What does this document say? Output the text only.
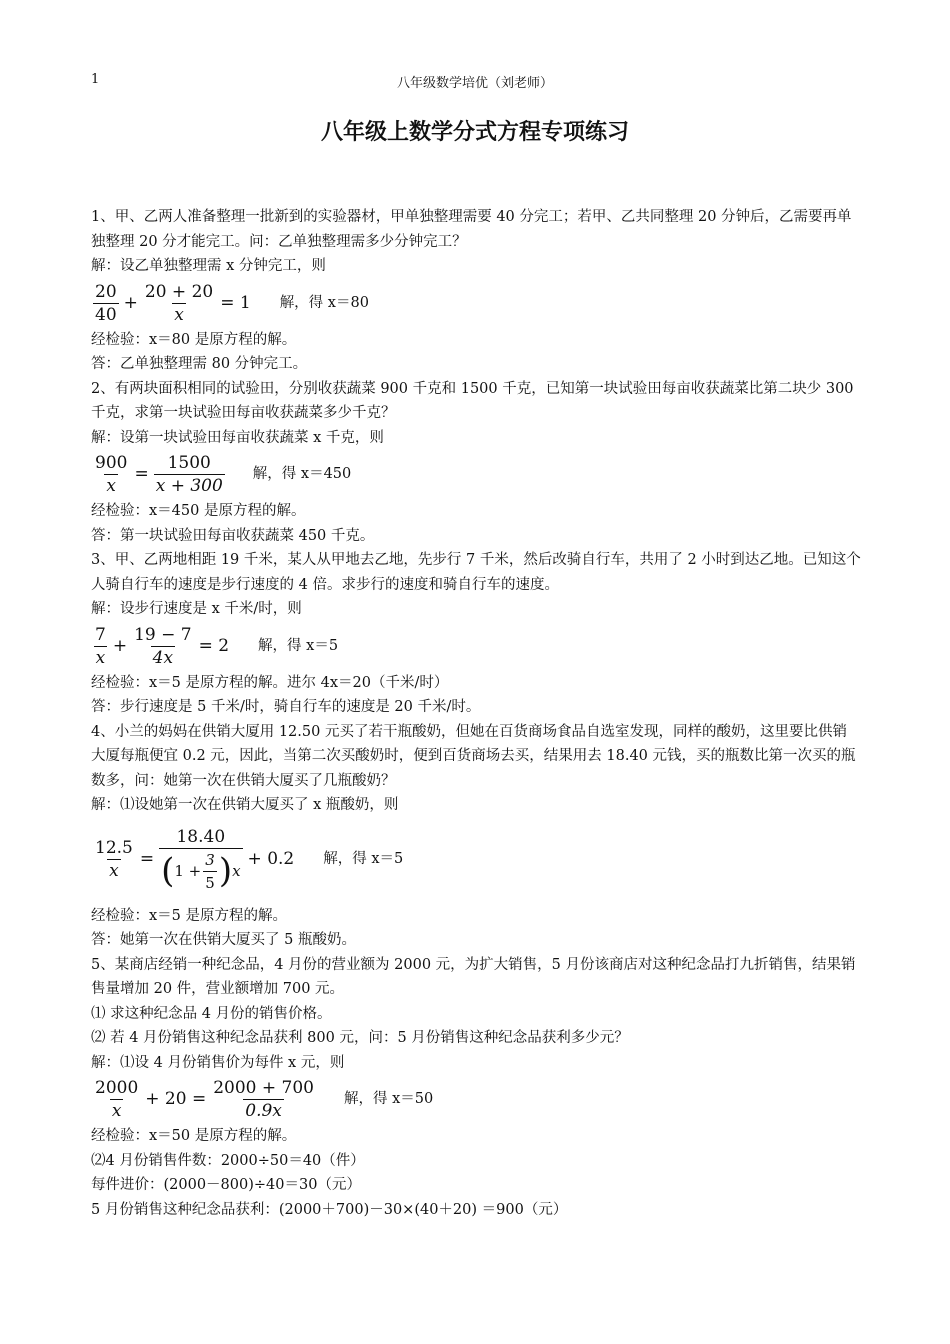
1	八年级数学培优（刘老师）
八年级上数学分式方程专项练习

1、甲、乙两人准备整理一批新到的实验器材，甲单独整理需要 40 分完工；若甲、乙共同整理 20 分钟后，乙需要再单独整理 20 分才能完工。问：乙单独整理需多少分钟完工？

解：设乙单独整理需 x 分钟完工，则

$\frac{20}{40} + \frac{20 + 20}{x} = 1$ 解，得 x＝80

经检验：x＝80 是原方程的解。

答：乙单独整理需 80 分钟完工。

2、有两块面积相同的试验田，分别收获蔬菜 900 千克和 1500 千克，已知第一块试验田每亩收获蔬菜比第二块少 300 千克，求第一块试验田每亩收获蔬菜多少千克？

解：设第一块试验田每亩收获蔬菜 x 千克，则

$\frac{900}{x} = \frac{1500}{x + 300}$ 解，得 x＝450

经检验：x＝450 是原方程的解。

答：第一块试验田每亩收获蔬菜 450 千克。

3、甲、乙两地相距 19 千米，某人从甲地去乙地，先步行 7 千米，然后改骑自行车，共用了 2 小时到达乙地。已知这个人骑自行车的速度是步行速度的 4 倍。求步行的速度和骑自行车的速度。

解：设步行速度是 x 千米/时，则

$\frac{7}{x} + \frac{19 - 7}{4x} = 2$ 解，得 x＝5

经检验：x＝5 是原方程的解。进尔 4x＝20（千米/时）

答：步行速度是 5 千米/时，骑自行车的速度是 20 千米/时。

4、小兰的妈妈在供销大厦用 12.50 元买了若干瓶酸奶，但她在百货商场食品自选室发现，同样的酸奶，这里要比供销大厦每瓶便宜 0.2 元，因此，当第二次买酸奶时，便到百货商场去买，结果用去 18.40 元钱，买的瓶数比第一次买的瓶数多，问：她第一次在供销大厦买了几瓶酸奶？

解：⑴设她第一次在供销大厦买了 x 瓶酸奶，则

$\frac{12.5}{x} = \frac{18.40}{( 1 + \frac{3}{5} ) x} + 0.2$ 解，得 x＝5

经检验：x＝5 是原方程的解。

答：她第一次在供销大厦买了 5 瓶酸奶。

5、某商店经销一种纪念品，4 月份的营业额为 2000 元，为扩大销售，5 月份该商店对这种纪念品打九折销售，结果销售量增加 20 件，营业额增加 700 元。

⑴ 求这种纪念品 4 月份的销售价格。

⑵ 若 4 月份销售这种纪念品获利 800 元，问：5 月份销售这种纪念品获利多少元？

解：⑴设 4 月份销售价为每件 x 元，则

$\frac{2000}{x} + 20 = \frac{2000 + 700}{0.9x}$ 解，得 x＝50

经检验：x＝50 是原方程的解。

⑵4 月份销售件数：2000÷50＝40（件）

每件进价：(2000－800)÷40＝30（元）

5 月份销售这种纪念品获利：(2000＋700)－30×(40＋20) ＝900（元）
